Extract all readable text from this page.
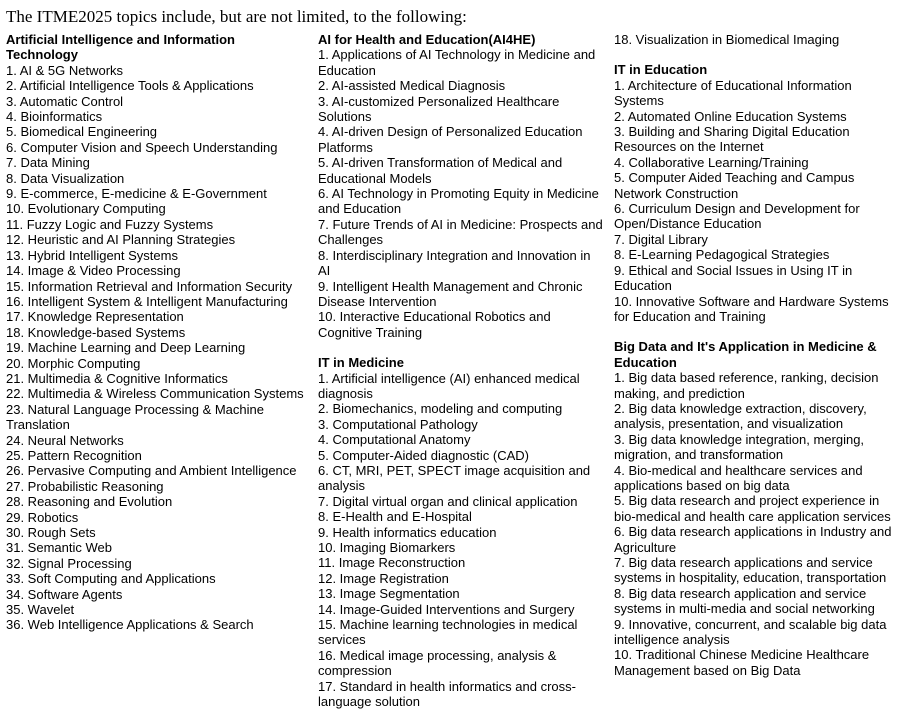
The ITME2025 topics include, but are not limited, to the following:
Artificial Intelligence and Information Technology
1. AI & 5G Networks
2. Artificial Intelligence Tools & Applications
3. Automatic Control
4. Bioinformatics
5. Biomedical Engineering
6. Computer Vision and Speech Understanding
7. Data Mining
8. Data Visualization
9. E-commerce, E-medicine & E-Government
10. Evolutionary Computing
11. Fuzzy Logic and Fuzzy Systems
12. Heuristic and AI Planning Strategies
13. Hybrid Intelligent Systems
14. Image & Video Processing
15. Information Retrieval and Information Security
16. Intelligent System & Intelligent Manufacturing
17. Knowledge Representation
18. Knowledge-based Systems
19. Machine Learning and Deep Learning
20. Morphic Computing
21. Multimedia & Cognitive Informatics
22. Multimedia & Wireless Communication Systems
23. Natural Language Processing & Machine Translation
24. Neural Networks
25. Pattern Recognition
26. Pervasive Computing and Ambient Intelligence
27. Probabilistic Reasoning
28. Reasoning and Evolution
29. Robotics
30. Rough Sets
31. Semantic Web
32. Signal Processing
33. Soft Computing and Applications
34. Software Agents
35. Wavelet
36. Web Intelligence Applications & Search
AI for Health and Education(AI4HE)
1. Applications of AI Technology in Medicine and Education
2. AI-assisted Medical Diagnosis
3. AI-customized Personalized Healthcare Solutions
4. AI-driven Design of Personalized Education Platforms
5. AI-driven Transformation of Medical and Educational Models
6. AI Technology in Promoting Equity in Medicine and Education
7. Future Trends of AI in Medicine: Prospects and Challenges
8. Interdisciplinary Integration and Innovation in AI
9. Intelligent Health Management and Chronic Disease Intervention
10. Interactive Educational Robotics and Cognitive Training
IT in Medicine
1. Artificial intelligence (AI) enhanced medical diagnosis
2. Biomechanics, modeling and computing
3. Computational Pathology
4. Computational Anatomy
5. Computer-Aided diagnostic (CAD)
6. CT, MRI, PET, SPECT image acquisition and analysis
7. Digital virtual organ and clinical application
8. E-Health and E-Hospital
9. Health informatics education
10. Imaging Biomarkers
11. Image Reconstruction
12. Image Registration
13. Image Segmentation
14. Image-Guided Interventions and Surgery
15. Machine learning technologies in medical services
16. Medical image processing, analysis & compression
17. Standard in health informatics and cross-language solution
18. Visualization in Biomedical Imaging
IT in Education
1. Architecture of Educational Information Systems
2. Automated Online Education Systems
3. Building and Sharing Digital Education Resources on the Internet
4. Collaborative Learning/Training
5. Computer Aided Teaching and Campus Network Construction
6. Curriculum Design and Development for Open/Distance Education
7. Digital Library
8. E-Learning Pedagogical Strategies
9. Ethical and Social Issues in Using IT in Education
10. Innovative Software and Hardware Systems for Education and Training
Big Data and It's Application in Medicine & Education
1. Big data based reference, ranking, decision making, and prediction
2. Big data knowledge extraction, discovery, analysis, presentation, and visualization
3. Big data knowledge integration, merging, migration, and transformation
4. Bio-medical and healthcare services and applications based on big data
5. Big data research and project experience in bio-medical and health care application services
6. Big data research applications in Industry and Agriculture
7. Big data research applications and service systems in hospitality, education, transportation
8. Big data research application and service systems in multi-media and social networking
9. Innovative, concurrent, and scalable big data intelligence analysis
10. Traditional Chinese Medicine Healthcare Management based on Big Data
